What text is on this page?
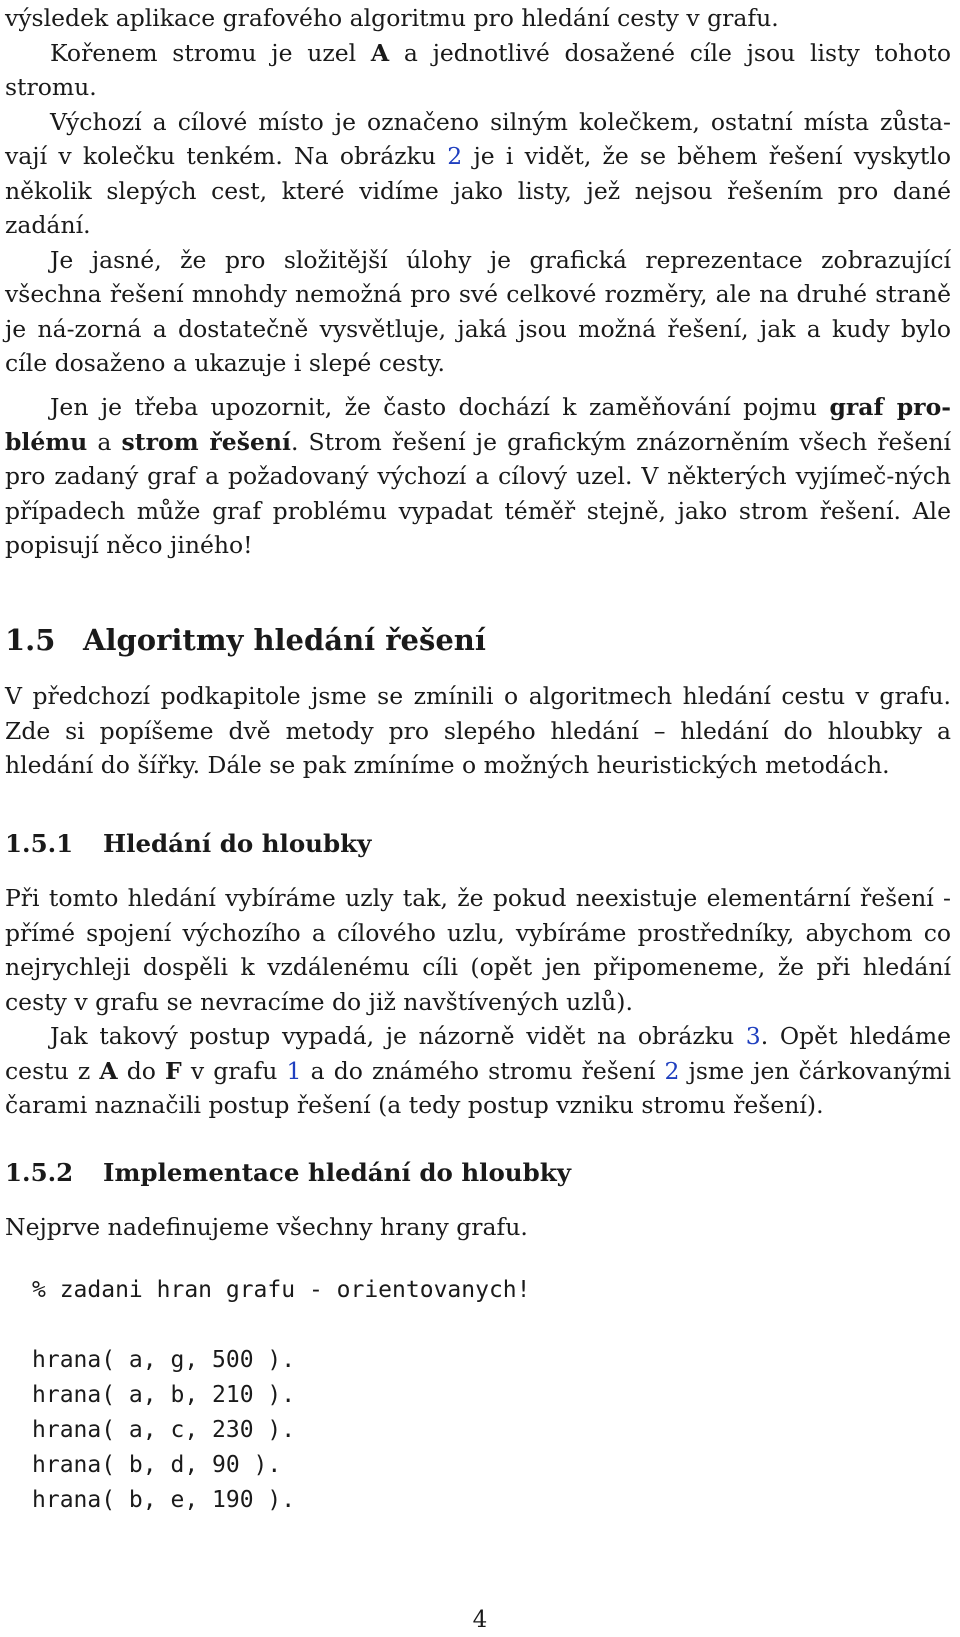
výsledek aplikace grafového algoritmu pro hledání cesty v grafu.

Kořenem stromu je uzel A a jednotlivé dosažené cíle jsou listy tohoto stromu.

Výchozí a cílové místo je označeno silným kolečkem, ostatní místa zůsta-vají v kolečku tenkém. Na obrázku 2 je i vidět, že se během řešení vyskytlo několik slepých cest, které vidíme jako listy, jež nejsou řešením pro dané zadání.

Je jasné, že pro složitější úlohy je grafická reprezentace zobrazující všechna řešení mnohdy nemožná pro své celkové rozměry, ale na druhé straně je ná-zorná a dostatečně vysvětluje, jaká jsou možná řešení, jak a kudy bylo cíle dosaženo a ukazuje i slepé cesty.

Jen je třeba upozornit, že často dochází k zaměňování pojmu graf pro-blému a strom řešení. Strom řešení je grafickým znázorněním všech řešení pro zadaný graf a požadovaný výchozí a cílový uzel. V některých vyjímeč-ných případech může graf problému vypadat téměř stejně, jako strom řešení. Ale popisují něco jiného!

1.5 Algoritmy hledání řešení

V předchozí podkapitole jsme se zmínili o algoritmech hledání cestu v grafu. Zde si popíšeme dvě metody pro slepého hledání – hledání do hloubky a hledání do šířky. Dále se pak zmíníme o možných heuristických metodách.

1.5.1	Hledání do hloubky

Při tomto hledání vybíráme uzly tak, že pokud neexistuje elementární řešení - přímé spojení výchozího a cílového uzlu, vybíráme prostředníky, abychom co nejrychleji dospěli k vzdálenému cíli (opět jen připomeneme, že při hledání cesty v grafu se nevracíme do již navštívených uzlů).

Jak takový postup vypadá, je názorně vidět na obrázku 3. Opět hledáme cestu z A do F v grafu 1 a do známého stromu řešení 2 jsme jen čárkovanými čarami naznačili postup řešení (a tedy postup vzniku stromu řešení).

1.5.2	Implementace hledání do hloubky

Nejprve nadefinujeme všechny hrany grafu.

% zadani hran grafu - orientovanych!
hrana( a, g, 500 ).
hrana( a, b, 210 ).
hrana( a, c, 230 ).
hrana( b, d, 90 ).
hrana( b, e, 190 ).
4
